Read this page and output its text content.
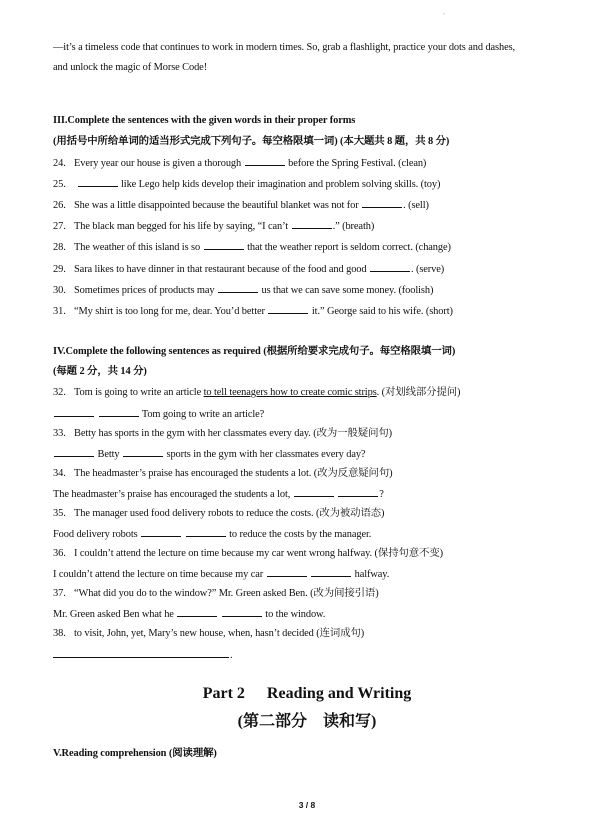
`
—it’s a timeless code that continues to work in modern times. So, grab a flashlight, practice your dots and dashes,
and unlock the magic of Morse Code!
III.Complete the sentences with the given words in their proper forms
(用括号中所给单词的适当形式完成下列句子。每空格限填一词) (本大题共 8 题，共 8 分)
24. Every year our house is given a thorough	before the Spring Festival. (clean)
25.	like Lego help kids develop their imagination and problem solving skills. (toy)
26. She was a little disappointed because the beautiful blanket was not for	. (sell)
27. The black man begged for his life by saying, “I can’t	.” (breath)
28. The weather of this island is so	that the weather report is seldom correct. (change)
29. Sara likes to have dinner in that restaurant because of the food and good	. (serve)
30. Sometimes prices of products may	us that we can save some money. (foolish)
31. “My shirt is too long for me, dear. You’d better	it.” George said to his wife. (short)
IV.Complete the following sentences as required (根据所给要求完成句子。每空格限填一词)
(每题 2 分，共 14 分)
32. Tom is going to write an article to tell teenagers how to create comic strips. (对划线部分提问)
Tom going to write an article?
33. Betty has sports in the gym with her classmates every day. (改为一般疑问句)
Betty	sports in the gym with her classmates every day?
34. The headmaster’s praise has encouraged the students a lot. (改为反意疑问句)
The headmaster’s praise has encouraged the students a lot,	?
35. The manager used food delivery robots to reduce the costs. (改为被动语态)
Food delivery robots	to reduce the costs by the manager.
36. I couldn’t attend the lecture on time because my car went wrong halfway. (保持句意不变)
I couldn’t attend the lecture on time because my car	halfway.
37. “What did you do to the window?” Mr. Green asked Ben. (改为间接引语)
Mr. Green asked Ben what he	to the window.
38. to visit, John, yet, Mary’s new house, when, hasn’t decided (连词成句)
.
Part 2 Reading and Writing
(第二部分　读和写)
V.Reading comprehension (阅读理解)
3 / 8
